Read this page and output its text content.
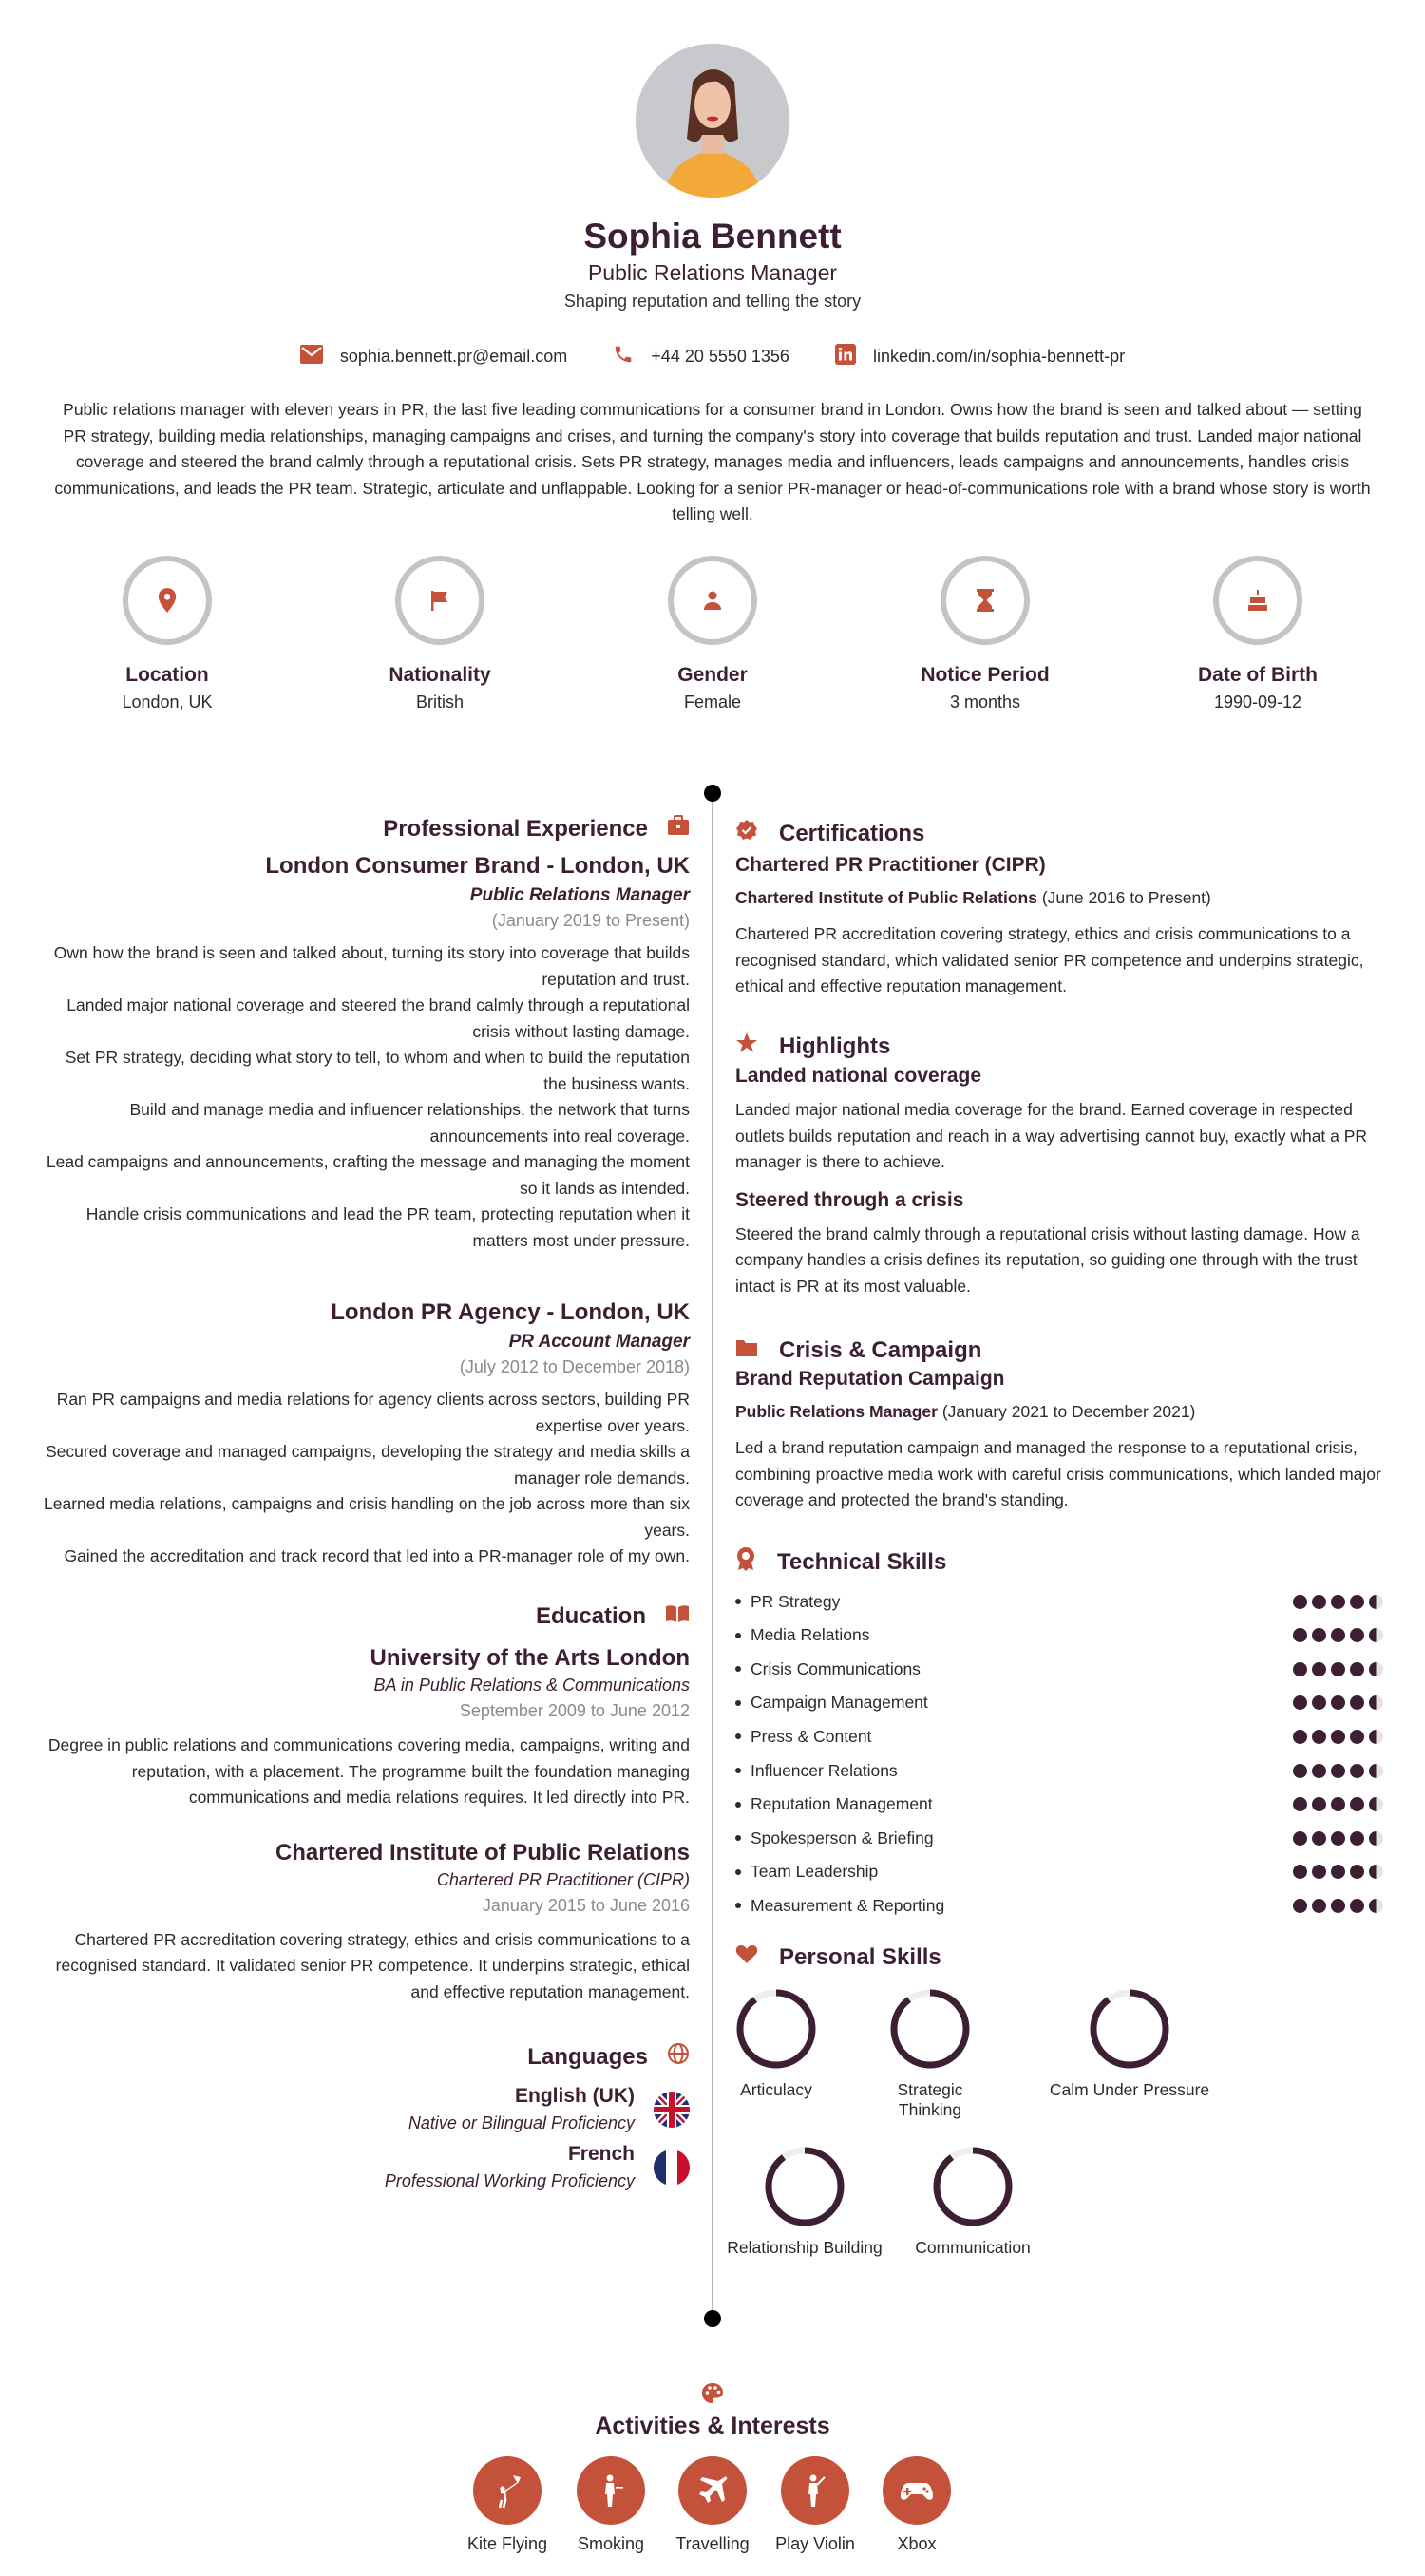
Sophia Bennett
Public Relations Manager
Shaping reputation and telling the story
sophia.bennett.pr@email.com	+44 20 5550 1356	linkedin.com/in/sophia-bennett-pr
Public relations manager with eleven years in PR, the last five leading communications for a consumer brand in London. Owns how the brand is seen and talked about — setting PR strategy, building media relationships, managing campaigns and crises, and turning the company's story into coverage that builds reputation and trust. Landed major national coverage and steered the brand calmly through a reputational crisis. Sets PR strategy, manages media and influencers, leads campaigns and announcements, handles crisis communications, and leads the PR team. Strategic, articulate and unflappable. Looking for a senior PR-manager or head-of-communications role with a brand whose story is worth telling well.
Location
London, UK
Nationality
British
Gender
Female
Notice Period
3 months
Date of Birth
1990-09-12
Professional Experience
London Consumer Brand - London, UK
Public Relations Manager
(January 2019 to Present)
Own how the brand is seen and talked about, turning its story into coverage that builds reputation and trust.
Landed major national coverage and steered the brand calmly through a reputational crisis without lasting damage.
Set PR strategy, deciding what story to tell, to whom and when to build the reputation the business wants.
Build and manage media and influencer relationships, the network that turns announcements into real coverage.
Lead campaigns and announcements, crafting the message and managing the moment so it lands as intended.
Handle crisis communications and lead the PR team, protecting reputation when it matters most under pressure.
London PR Agency - London, UK
PR Account Manager
(July 2012 to December 2018)
Ran PR campaigns and media relations for agency clients across sectors, building PR expertise over years.
Secured coverage and managed campaigns, developing the strategy and media skills a manager role demands.
Learned media relations, campaigns and crisis handling on the job across more than six years.
Gained the accreditation and track record that led into a PR-manager role of my own.
Education
University of the Arts London
BA in Public Relations & Communications
September 2009 to June 2012
Degree in public relations and communications covering media, campaigns, writing and reputation, with a placement. The programme built the foundation managing communications and media relations requires. It led directly into PR.
Chartered Institute of Public Relations
Chartered PR Practitioner (CIPR)
January 2015 to June 2016
Chartered PR accreditation covering strategy, ethics and crisis communications to a recognised standard. It validated senior PR competence. It underpins strategic, ethical and effective reputation management.
Languages
English (UK)
Native or Bilingual Proficiency
French
Professional Working Proficiency
Certifications
Chartered PR Practitioner (CIPR)
Chartered Institute of Public Relations (June 2016 to Present)
Chartered PR accreditation covering strategy, ethics and crisis communications to a recognised standard, which validated senior PR competence and underpins strategic, ethical and effective reputation management.
Highlights
Landed national coverage
Landed major national media coverage for the brand. Earned coverage in respected outlets builds reputation and reach in a way advertising cannot buy, exactly what a PR manager is there to achieve.
Steered through a crisis
Steered the brand calmly through a reputational crisis without lasting damage. How a company handles a crisis defines its reputation, so guiding one through with the trust intact is PR at its most valuable.
Crisis & Campaign
Brand Reputation Campaign
Public Relations Manager (January 2021 to December 2021)
Led a brand reputation campaign and managed the response to a reputational crisis, combining proactive media work with careful crisis communications, which landed major coverage and protected the brand's standing.
Technical Skills
PR Strategy
Media Relations
Crisis Communications
Campaign Management
Press & Content
Influencer Relations
Reputation Management
Spokesperson & Briefing
Team Leadership
Measurement & Reporting
Personal Skills
Articulacy	Strategic Thinking
Calm Under Pressure
Relationship Building	Communication
Activities & Interests
Kite Flying	Smoking	Travelling	Play Violin	Xbox
